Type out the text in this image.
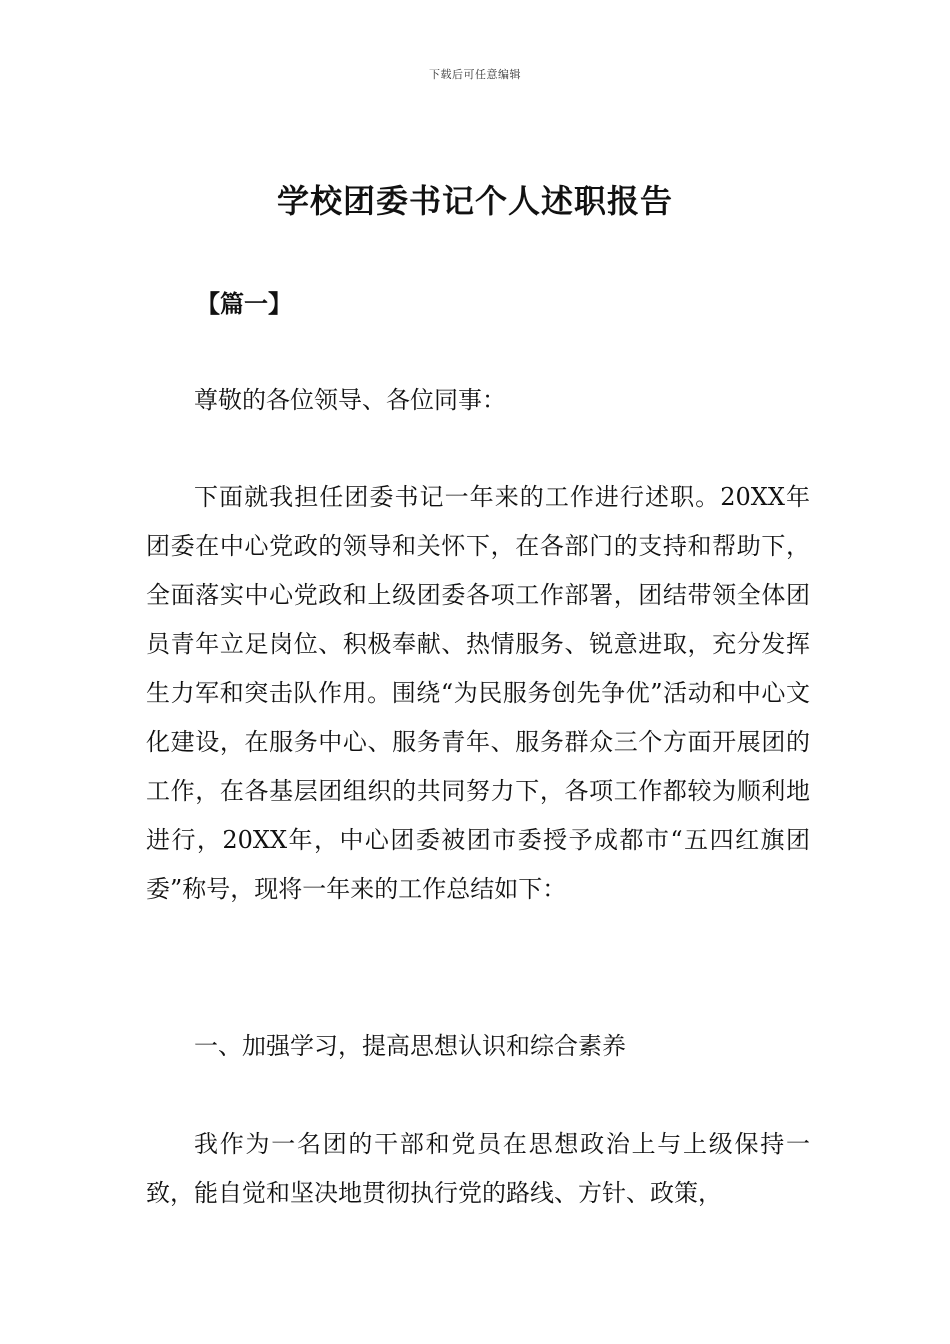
下载后可任意编辑
学校团委书记个人述职报告
【篇一】

尊敬的各位领导、各位同事：

下面就我担任团委书记一年来的工作进行述职。20XX年团委在中心党政的领导和关怀下，在各部门的支持和帮助下，全面落实中心党政和上级团委各项工作部署，团结带领全体团员青年立足岗位、积极奉献、热情服务、锐意进取，充分发挥生力军和突击队作用。围绕“为民服务创先争优”活动和中心文化建设，在服务中心、服务青年、服务群众三个方面开展团的工作，在各基层团组织的共同努力下，各项工作都较为顺利地进行，20XX年，中心团委被团市委授予成都市“五四红旗团委”称号，现将一年来的工作总结如下：

一、加强学习，提高思想认识和综合素养

我作为一名团的干部和党员在思想政治上与上级保持一致，能自觉和坚决地贯彻执行党的路线、方针、政策，
